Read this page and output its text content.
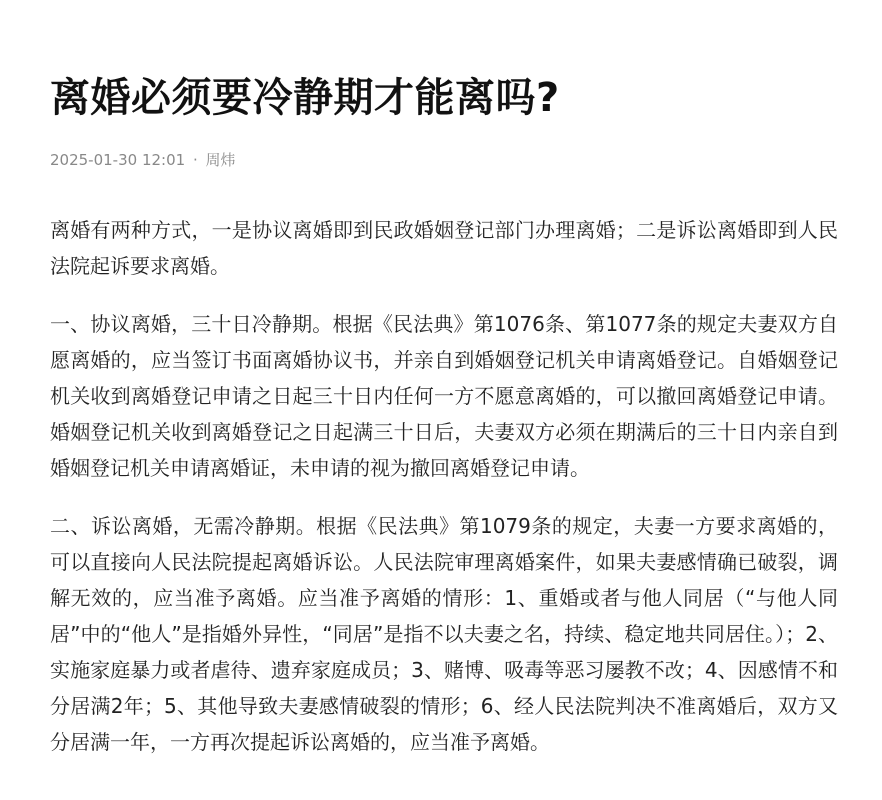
离婚必须要冷静期才能离吗?
2025-01-30 12:01 · 周炜

离婚有两种方式，一是协议离婚即到民政婚姻登记部门办理离婚；二是诉讼离婚即到人民法院起诉要求离婚。

一、协议离婚，三十日冷静期。根据《民法典》第1076条、第1077条的规定夫妻双方自愿离婚的，应当签订书面离婚协议书，并亲自到婚姻登记机关申请离婚登记。自婚姻登记机关收到离婚登记申请之日起三十日内任何一方不愿意离婚的，可以撤回离婚登记申请。婚姻登记机关收到离婚登记之日起满三十日后，夫妻双方必须在期满后的三十日内亲自到婚姻登记机关申请离婚证，未申请的视为撤回离婚登记申请。

二、诉讼离婚，无需冷静期。根据《民法典》第1079条的规定，夫妻一方要求离婚的，可以直接向人民法院提起离婚诉讼。人民法院审理离婚案件，如果夫妻感情确已破裂，调解无效的，应当准予离婚。应当准予离婚的情形：1、重婚或者与他人同居（“与他人同居”中的“他人”是指婚外异性，“同居”是指不以夫妻之名，持续、稳定地共同居住。）；2、实施家庭暴力或者虐待、遗弃家庭成员；3、赌博、吸毒等恶习屡教不改；4、因感情不和分居满2年；5、其他导致夫妻感情破裂的情形；6、经人民法院判决不准离婚后，双方又分居满一年，一方再次提起诉讼离婚的，应当准予离婚。
